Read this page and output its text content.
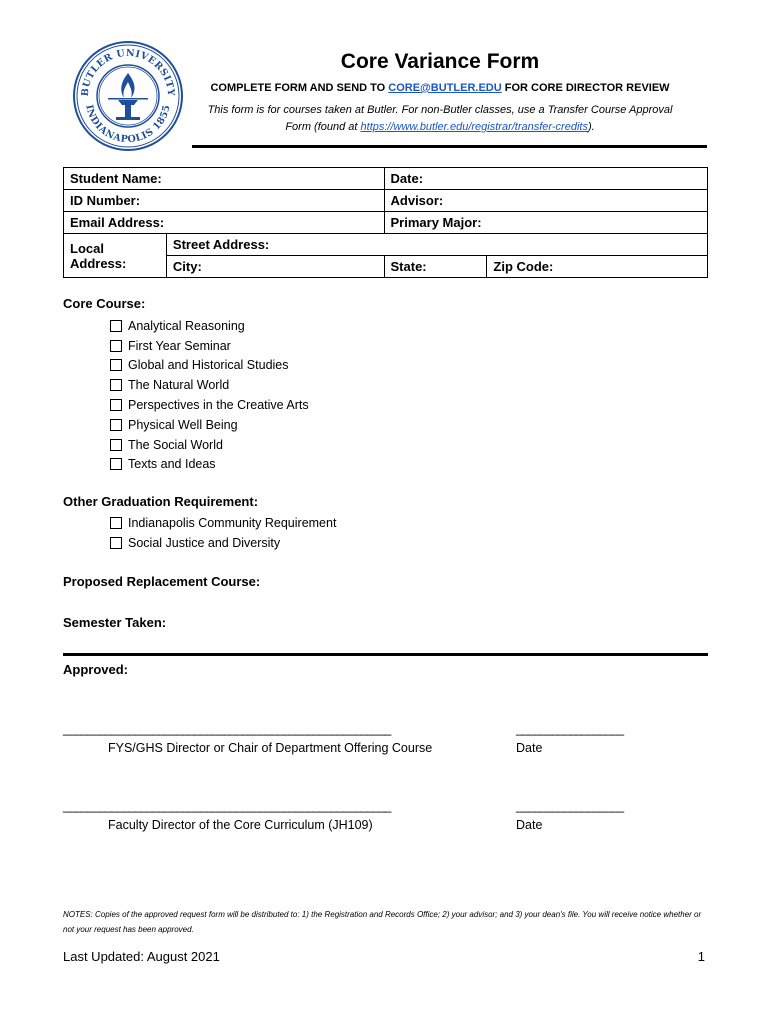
BUTLER UNIVERSITY
INDIANAPOLIS 1855
Core Variance Form
COMPLETE FORM AND SEND TO CORE@BUTLER.EDU FOR CORE DIRECTOR REVIEW
This form is for courses taken at Butler. For non-Butler classes, use a Transfer Course Approval
Form (found at https://www.butler.edu/registrar/transfer-credits).
Student Name:		Date:	
ID Number:		Advisor:	
Email Address:		Primary Major:	
Local Address:	Street Address:		
	City:	State:	Zip Code:
Core Course:
Analytical Reasoning
First Year Seminar
Global and Historical Studies
The Natural World
Perspectives in the Creative Arts
Physical Well Being
The Social World
Texts and Ideas
Other Graduation Requirement:
Indianapolis Community Requirement
Social Justice and Diversity
Proposed Replacement Course:
Semester Taken:
Approved:
_______________________________________________________	__________________
FYS/GHS Director or Chair of Department Offering Course	Date
_______________________________________________________	__________________
Faculty Director of the Core Curriculum (JH109)	Date
NOTES: Copies of the approved request form will be distributed to: 1) the Registration and Records Office; 2) your advisor; and 3) your dean's file. You will receive notice whether or not your request has been approved.
Last Updated: August 2021	1
